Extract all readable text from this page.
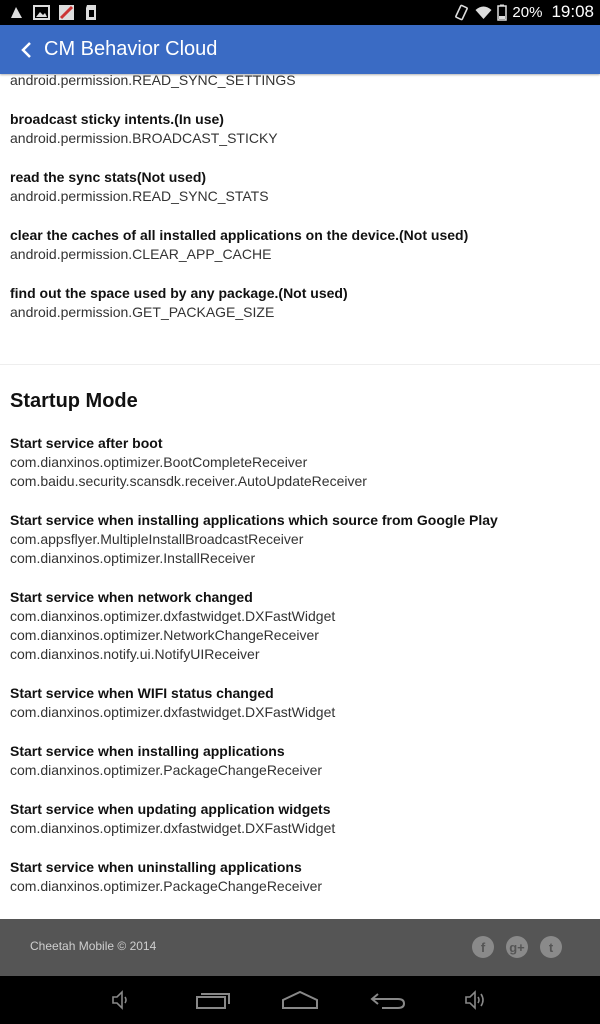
20% 19:08
CM Behavior Cloud
android.permission.READ_SYNC_SETTINGS
broadcast sticky intents.(In use)
android.permission.BROADCAST_STICKY
read the sync stats(Not used)
android.permission.READ_SYNC_STATS
clear the caches of all installed applications on the device.(Not used)
android.permission.CLEAR_APP_CACHE
find out the space used by any package.(Not used)
android.permission.GET_PACKAGE_SIZE
Startup Mode
Start service after boot
com.dianxinos.optimizer.BootCompleteReceiver
com.baidu.security.scansdk.receiver.AutoUpdateReceiver
Start service when installing applications which source from Google Play
com.appsflyer.MultipleInstallBroadcastReceiver
com.dianxinos.optimizer.InstallReceiver
Start service when network changed
com.dianxinos.optimizer.dxfastwidget.DXFastWidget
com.dianxinos.optimizer.NetworkChangeReceiver
com.dianxinos.notify.ui.NotifyUIReceiver
Start service when WIFI status changed
com.dianxinos.optimizer.dxfastwidget.DXFastWidget
Start service when installing applications
com.dianxinos.optimizer.PackageChangeReceiver
Start service when updating application widgets
com.dianxinos.optimizer.dxfastwidget.DXFastWidget
Start service when uninstalling applications
com.dianxinos.optimizer.PackageChangeReceiver
Cheetah Mobile © 2014	f	g+	t
